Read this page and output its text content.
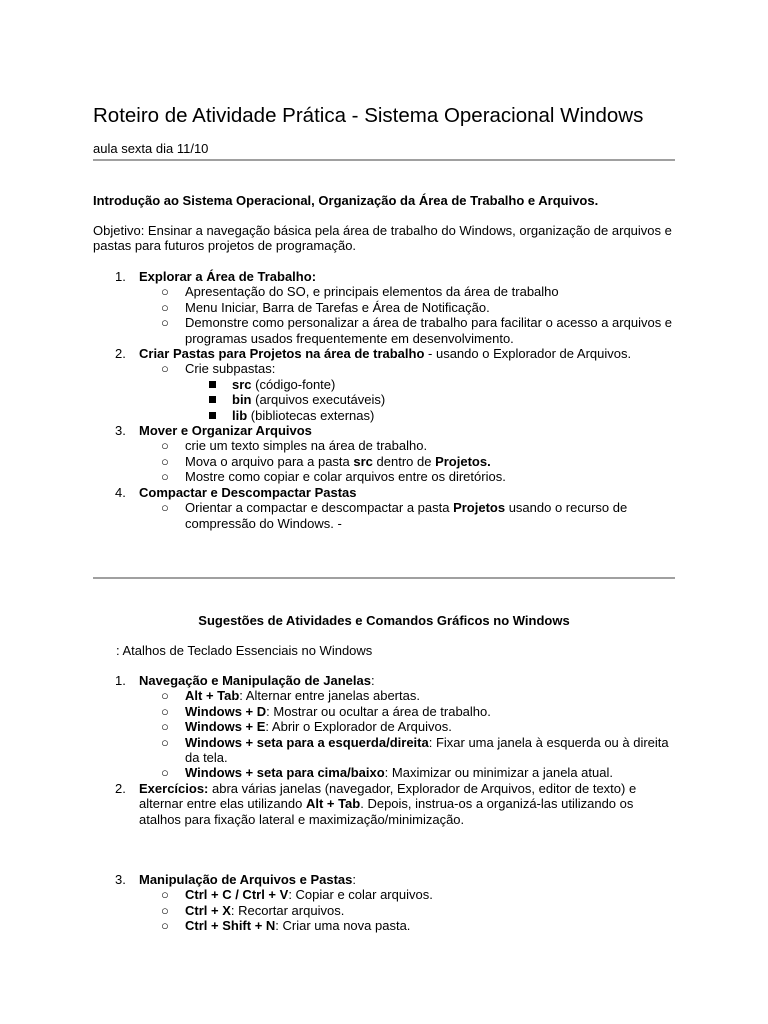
Roteiro de Atividade Prática - Sistema Operacional Windows
aula sexta dia 11/10
Introdução ao Sistema Operacional, Organização da Área de Trabalho e Arquivos.
Objetivo: Ensinar a navegação básica pela área de trabalho do Windows, organização de arquivos e pastas para futuros projetos de programação.
1. Explorar a Área de Trabalho:
○	Apresentação do SO, e principais elementos da área de trabalho
○	Menu Iniciar, Barra de Tarefas e Área de Notificação.
○	Demonstre como personalizar a área de trabalho para facilitar o acesso a arquivos e programas usados frequentemente em desenvolvimento.
2. Criar Pastas para Projetos na área de trabalho - usando o Explorador de Arquivos.
○	Crie subpastas:
src (código-fonte)
bin (arquivos executáveis)
lib (bibliotecas externas)
3. Mover e Organizar Arquivos
○	crie um texto simples na área de trabalho.
○	Mova o arquivo para a pasta src dentro de Projetos.
○	Mostre como copiar e colar arquivos entre os diretórios.
4. Compactar e Descompactar Pastas
○	Orientar a compactar e descompactar a pasta Projetos usando o recurso de compressão do Windows. -
Sugestões de Atividades e Comandos Gráficos no Windows
: Atalhos de Teclado Essenciais no Windows
1. Navegação e Manipulação de Janelas:
○	Alt + Tab: Alternar entre janelas abertas.
○	Windows + D: Mostrar ou ocultar a área de trabalho.
○	Windows + E: Abrir o Explorador de Arquivos.
○	Windows + seta para a esquerda/direita: Fixar uma janela à esquerda ou à direita da tela.
○	Windows + seta para cima/baixo: Maximizar ou minimizar a janela atual.
2. Exercícios: abra várias janelas (navegador, Explorador de Arquivos, editor de texto) e alternar entre elas utilizando Alt + Tab. Depois, instrua-os a organizá-las utilizando os atalhos para fixação lateral e maximização/minimização.
3. Manipulação de Arquivos e Pastas:
○	Ctrl + C / Ctrl + V: Copiar e colar arquivos.
○	Ctrl + X: Recortar arquivos.
○	Ctrl + Shift + N: Criar uma nova pasta.
